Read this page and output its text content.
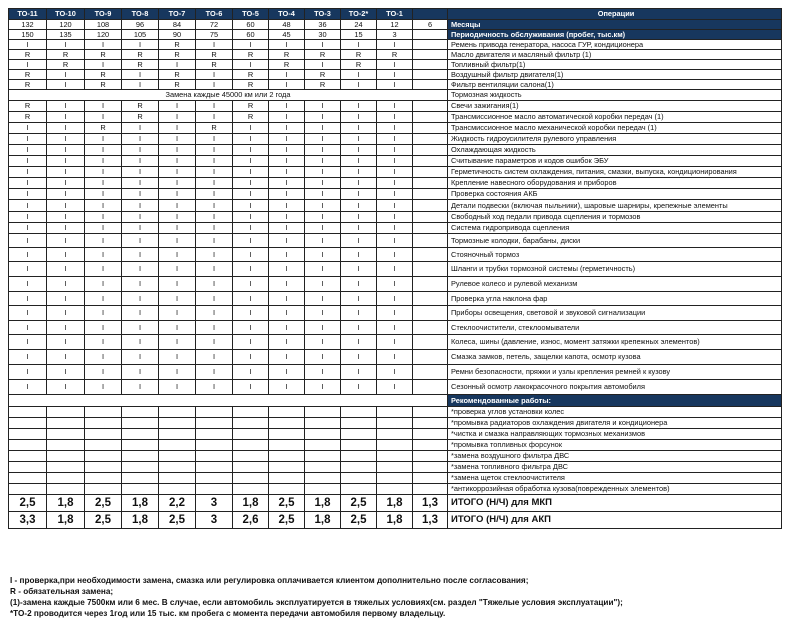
ТО-11	ТО-10	ТО-9	ТО-8	ТО-7	ТО-6	ТО-5	ТО-4	ТО-3	ТО-2*	ТО-1		Операции
132	120	108	96	84	72	60	48	36	24	12	6	Месяцы
150	135	120	105	90	75	60	45	30	15	3		Периодичность обслуживания (пробег, тыс.км)
I	I	I	I	R	I	I	I	I	I	I		Ремень привода генератора, насоса ГУР, кондиционера
R	R	R	R	R	R	R	R	R	R	R		Масло двигателя и масляный фильтр (1)
I	R	I	R	I	R	I	R	I	R	I		Топливный фильтр(1)
R	I	R	I	R	I	R	I	R	I	I		Воздушный фильтр двигателя(1)
R	I	R	I	R	I	R	I	R	I	I		Фильтр вентиляции салона(1)
Замена каждые 45000 км или 2 года												Тормозная жидкость
R	I	I	R	I	I	R	I	I	I	I		Свечи зажигания(1)
R	I	I	R	I	I	R	I	I	I	I		Трансмиссионное масло автоматической коробки передач (1)
I	I	R	I	I	R	I	I	I	I	I		Трансмиссионное масло механической коробки передач (1)
I	I	I	I	I	I	I	I	I	I	I		Жидкость гидроусилителя рулевого управления
I	I	I	I	I	I	I	I	I	I	I		Охлаждающая жидкость
I	I	I	I	I	I	I	I	I	I	I		Считывание параметров и кодов ошибок ЭБУ
I	I	I	I	I	I	I	I	I	I	I		Герметичность систем охлаждения, питания, смазки, выпуска, кондиционирования
I	I	I	I	I	I	I	I	I	I	I		Крепление навесного оборудования и приборов
I	I	I	I	I	I	I	I	I	I	I		Проверка состояния АКБ
I	I	I	I	I	I	I	I	I	I	I		Детали подвески (включая пыльники), шаровые шарниры, крепежные элементы
I	I	I	I	I	I	I	I	I	I	I		Свободный ход педали привода сцепления и тормозов
I	I	I	I	I	I	I	I	I	I	I		Система гидропривода сцепления
I	I	I	I	I	I	I	I	I	I	I		Тормозные колодки, барабаны, диски
I	I	I	I	I	I	I	I	I	I	I		Стояночный тормоз
I	I	I	I	I	I	I	I	I	I	I		Шланги и трубки тормозной системы (герметичность)
I	I	I	I	I	I	I	I	I	I	I		Рулевое колесо и рулевой механизм
I	I	I	I	I	I	I	I	I	I	I		Проверка угла наклона фар
I	I	I	I	I	I	I	I	I	I	I		Приборы освещения, световой и звуковой сигнализации
I	I	I	I	I	I	I	I	I	I	I		Стеклоочистители, стеклоомыватели
I	I	I	I	I	I	I	I	I	I	I		Колеса, шины (давление, износ, момент затяжки крепежных элементов)
I	I	I	I	I	I	I	I	I	I	I		Смазка замков, петель, защелки капота, осмотр кузова
I	I	I	I	I	I	I	I	I	I	I		Ремни безопасности, пряжки и узлы крепления ремней к кузову
I	I	I	I	I	I	I	I	I	I	I		Сезонный осмотр лакокрасочного покрытия автомобиля
												Рекомендованные работы:
												*проверка углов установки колес
												*промывка радиаторов охлаждения двигателя и кондиционера
												*чистка и смазка направляющих тормозных механизмов
												*промывка топливных форсунок
												*замена воздушного фильтра ДВС
												*замена топливного фильтра ДВС
												*замена щеток стеклоочистителя
												*антикоррозийная обработка кузова(поврежденных элементов)
2,5	1,8	2,5	1,8	2,2	3	1,8	2,5	1,8	2,5	1,8	1,3	ИТОГО (Н/Ч) для МКП
3,3	1,8	2,5	1,8	2,5	3	2,6	2,5	1,8	2,5	1,8	1,3	ИТОГО (Н/Ч) для АКП
I - проверка,при необходимости замена, смазка или регулировка оплачивается клиентом дополнительно после согласования;
R - обязательная замена;
(1)-замена каждые 7500км или 6 мес. В случае, если автомобиль эксплуатируется в тяжелых условиях(см. раздел "Тяжелые условия эксплуатации");
*ТО-2 проводится через 1год или 15 тыс. км пробега с момента передачи автомобиля первому владельцу.
